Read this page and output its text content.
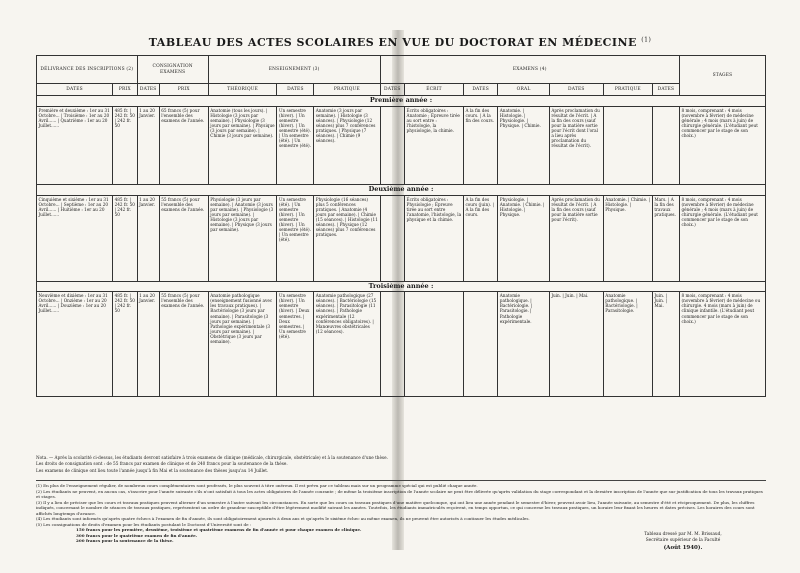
TABLEAU DES ACTES SCOLAIRES EN VUE DU DOCTORAT EN MÉDECINE $^{(1)}$
DÉLIVRANCE DES INSCRIPTIONS (2)		CONSIGNATION EXAMENS		ENSEIGNEMENT (3)			EXAMENS (4)							STAGES
DATES	PRIX	DATES	PRIX	THÉORIQUE	DATES	PRATIQUE	DATES	ÉCRIT	DATES	ORAL	DATES	PRATIQUE	DATES	
Première année :														
Première et deuxième : 1er au 31 Octobre... | Troisième : 1er au 20 Avril...... | Quatrième : 1er au 20 Juillet......	485 fr. | 242 fr. 50 | 242 fr. 50	1 au 20 Janvier.	65 francs (5) pour l'ensemble des examens de l'année.	Anatomie (tous les jours). | Histologie (3 jours par semaine). | Physiologie (3 jours par semaine). | Physique (3 jours par semaine). | Chimie (3 jours par semaine).	Un semestre (hiver). | Un semestre (hiver). | Un semestre (été). | Un semestre (été). | Un semestre (été).	Anatomie (3 jours par semaine). | Histologie (3 séances). | Physiologie (12 séances) plus 7 conférences pratiques. | Physique (7 séances). | Chimie (9 séances).		Écrits obligatoires : Anatomie ; Épreuve tirée au sort entre : l'histologie, la physiologie, la chimie.	A la fin des cours. | A la fin des cours.	Anatomie. | Histologie. | Physiologie. | Physique. | Chimie.	Après proclamation du résultat de l'écrit. | A la fin des cours (sauf pour la matière sortie pour l'écrit dont l'oral a lieu après proclamation du résultat de l'écrit).			8 mois, comprenant : 4 mois (novembre à février) de médecine générale ; 4 mois (mars à juin) de chirurgie générale. (L'étudiant peut commencer par le stage de son choix.)
Deuxième année :														
Cinquième et sixième : 1er au 31 Octobre... | Septième : 1er au 20 Avril...... | Huitième : 1er au 20 Juillet......	485 fr. | 242 fr. 50 | 242 fr. 50	1 au 20 Janvier.	55 francs (5) pour l'ensemble des examens de l'année.	Physiologie (3 jours par semaine). | Anatomie (3 jours par semaine). | Physiologie (3 jours par semaine). | Histologie (3 jours par semaine). | Physique (3 jours par semaine).	Un semestre (été). | Un semestre (hiver). | Un semestre (hiver). | Un semestre (été). | Un semestre (été).	Physiologie (16 séances) plus 5 conférences pratiques. | Anatomie (4 jours par semaine). | Chimie (15 séances). | Histologie (11 séances). | Physique (12 séances) plus 7 conférences pratiques.		Écrits obligatoires : Physiologie ; Épreuve tirée au sort entre l'anatomie, l'histologie, la physique et la chimie.	A la fin des cours (juin). | A la fin des cours.	Physiologie. | Anatomie. | Chimie. | Histologie. | Physique.	Après proclamation du résultat de l'écrit. | A la fin des cours (sauf pour la matière sortie pour l'écrit).	Anatomie. | Chimie. | Histologie. | Physique.	Mars. | A la fin des travaux pratiques.	8 mois, comprenant : 4 mois (novembre à février) de médecine générale ; 4 mois (mars à juin) de chirurgie générale. (L'étudiant peut commencer par le stage de son choix.)
Troisième année :														
Neuvième et dixième : 1er au 31 Octobre... | Onzième : 1er au 20 Avril...... | Douzième : 1er au 20 Juillet......	485 fr. | 242 fr. 50 | 242 fr. 50	1 au 20 Janvier.	55 francs (5) pour l'ensemble des examens de l'année.	Anatomie pathologique (enseignement fusionné avec les travaux pratiques). | Bactériologie (3 jours par semaine). | Parasitologie (3 jours par semaine). | Pathologie expérimentale (3 jours par semaine). | Obstétrique (3 jours par semaine).	Un semestre (hiver). | Un semestre (hiver). | Deux semestres. | Deux semestres. | Un semestre (été).	Anatomie pathologique (27 séances). | Bactériologie (15 séances). | Parasitologie (11 séances). | Pathologie expérimentale (12 conférences obligatoires). | Manœuvres obstétricales (12 séances).				Anatomie pathologique. | Bactériologie. | Parasitologie. | Pathologie expérimentale.	Juin. | Juin. | Mai.	Anatomie pathologique. | Bactériologie. | Parasitologie.	Juin. | Juin. | Mai.	8 mois, comprenant : 4 mois (novembre à février) de médecine ou chirurgie. 4 mois (mars à juin) de clinique infantile. (L'étudiant peut commencer par le stage de son choix.)
Nota. — Après la scolarité ci-dessus, les étudiants devront satisfaire à trois examens de clinique (médicale, chirurgicale, obstétricale) et à la soutenance d'une thèse.
Les droits de consignation sont : de 55 francs par examen de clinique et de 240 francs pour la soutenance de la thèse.
Les examens de clinique ont lieu toute l'année jusqu'à fin Mai et la soutenance des thèses jusqu'au 14 Juillet.
(1) En plus de l'enseignement régulier, de nombreux cours complémentaires sont professés, le plus souvent à titre onéreux. Il est prévu par ce tableau mais sur un programme spécial qui est publié chaque année.
(2) Les étudiants ne peuvent, en aucun cas, s'inscrire pour l'année suivante s'ils n'ont satisfait à tous les actes obligatoires de l'année courante ; de même la troisième inscription de l'année scolaire ne peut être délivrée qu'après validation du stage correspondant et la dernière inscription de l'année que sur justification de tous les travaux pratiques et stages.
(3) Il y a lieu de préciser que les cours et travaux pratiques peuvent alterner d'un semestre à l'autre suivant les circonstances. En sorte que les cours ou travaux pratiques d'une matière quelconque, qui ont lieu une année pendant le semestre d'hiver, peuvent avoir lieu, l'année suivante, au semestre d'été et réciproquement. De plus, les chiffres indiqués, concernant le nombre de séances de travaux pratiques, représentent un ordre de grandeur susceptible d'être légèrement modifié suivant les années. Toutefois, les étudiants immatriculés reçoivent, en temps opportun, ce qui concerne les travaux pratiques, un horaire leur fixant les heures et dates précises. Les horaires des cours sont affichés longtemps d'avance.
(4) Les étudiants sont informés qu'après quatre échecs à l'examen de fin d'année, ils sont obligatoirement ajournés à deux ans et qu'après le sixième échec au même examen, ils ne peuvent être autorisés à continuer les études médicales.
(5) Les consignations de droits d'examen pour les étudiants postulant le Doctorat d'Université sont de :
150 francs pour les première, deuxième, troisième et quatrième examens de fin d'année et pour chaque examen de clinique.
300 francs pour le quatrième examen de fin d'année.
200 francs pour la soutenance de la thèse.
Tableau dressé par M. M. Brissaud,
Secrétaire supérieur de la Faculté
(Août 1940).
